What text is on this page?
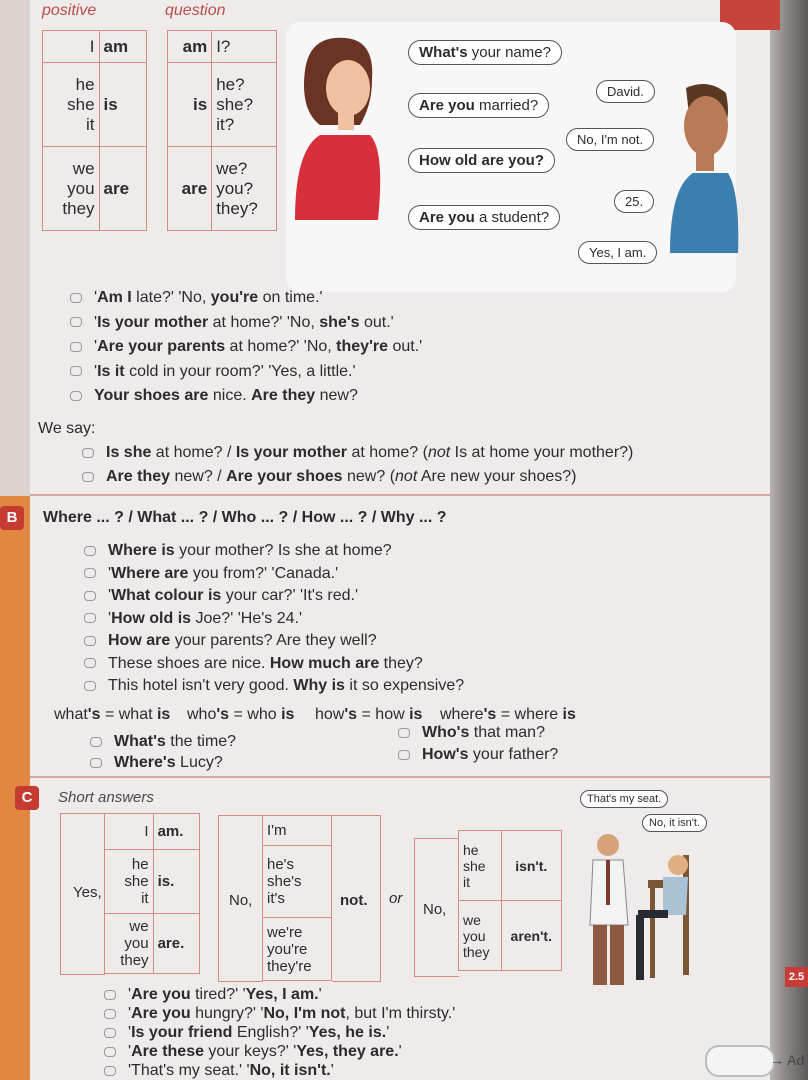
positive	question
I	am

he
she
it	is

we
you
they	are
am	I?

is	he?
she?
it?

are	we?
you?
they?
We say:
B	Where ... ? / What ... ? / Who ... ? / How ... ? / Why ... ?
C	Short answers
Yes,
I	am.

he
she
it	is.

we
you
they	are.
No,
I'm

he's
she's
it's

we're
you're
they're
not. or
No,
he
she
it	isn't.

we
you
they	aren't.
That's my seat.
No, it isn't.
2.5
→ Ad
What's your name?
Are you married?
How old are you?
Are you a student?
David.
No, I'm not.
25.
Yes, I am.
'Am I late?' 'No, you're on time.'
'Is your mother at home?' 'No, she's out.'
'Are your parents at home?' 'No, they're out.'
'Is it cold in your room?' 'Yes, a little.'
Your shoes are nice. Are they new?
Is she at home? / Is your mother at home? (not Is at home your mother?)
Are they new? / Are your shoes new? (not Are new your shoes?)
Where is your mother? Is she at home?
'Where are you from?' 'Canada.'
'What colour is your car?' 'It's red.'
'How old is Joe?' 'He's 24.'
How are your parents? Are they well?
These shoes are nice. How much are they?
This hotel isn't very good. Why is it so expensive?
what's = what is who's = who is how's = how is where's = where is
What's the time?
Who's that man?
Where's Lucy?	How's your father?
'Are you tired?' 'Yes, I am.'
'Are you hungry?' 'No, I'm not, but I'm thirsty.'
'Is your friend English?' 'Yes, he is.'
'Are these your keys?' 'Yes, they are.'
'That's my seat.' 'No, it isn't.'
